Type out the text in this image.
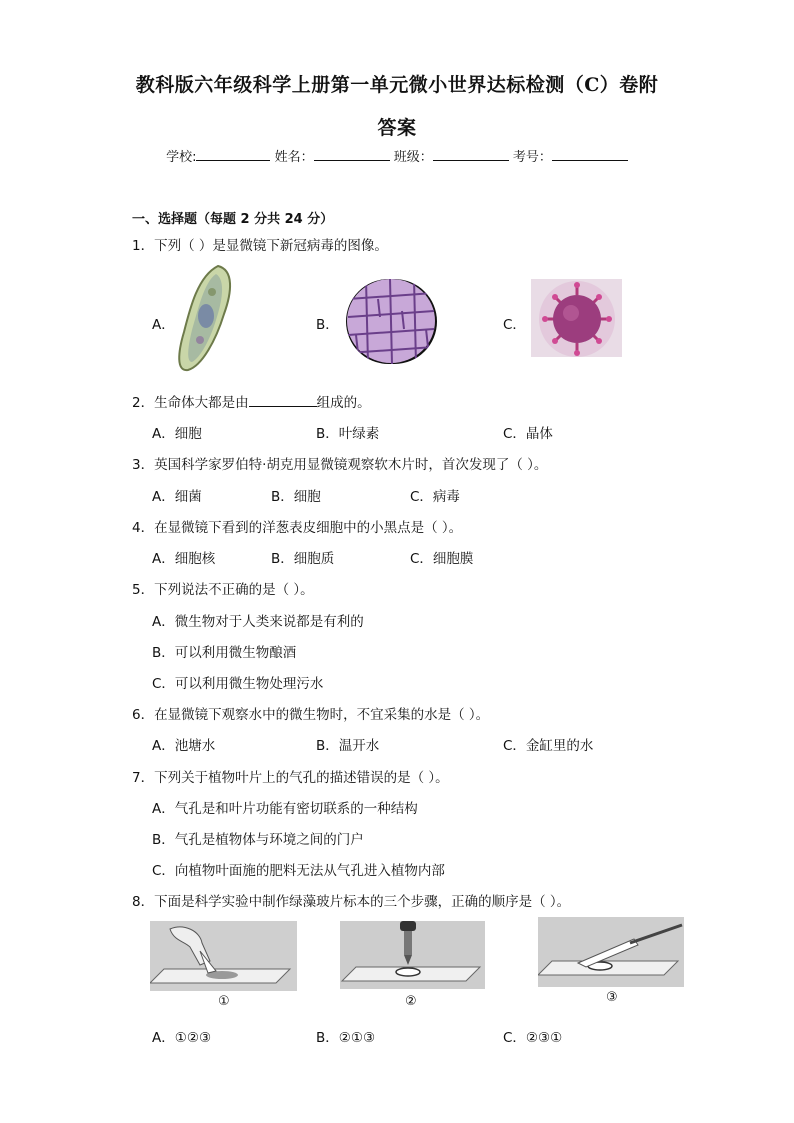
教科版六年级科学上册第一单元微小世界达标检测（C）卷附
答案
学校:	姓名：	班级：	考号：
一、选择题（每题 2 分共 24 分）
1．下列（ ）是显微镜下新冠病毒的图像。
A．	B．	C．
2．生命体大都是由	组成的。
A．细胞	B．叶绿素	C．晶体
3．英国科学家罗伯特·胡克用显微镜观察软木片时，首次发现了（ ）。
A．细菌	B．细胞	C．病毒
4．在显微镜下看到的洋葱表皮细胞中的小黑点是（ ）。
A．细胞核	B．细胞质	C．细胞膜
5．下列说法不正确的是（ ）。
A．微生物对于人类来说都是有利的
B．可以利用微生物酿酒
C．可以利用微生物处理污水
6．在显微镜下观察水中的微生物时，不宜采集的水是（ ）。
A．池塘水	B．温开水	C．金缸里的水
7．下列关于植物叶片上的气孔的描述错误的是（ ）。
A．气孔是和叶片功能有密切联系的一种结构
B．气孔是植物体与环境之间的门户
C．向植物叶面施的肥料无法从气孔进入植物内部
8．下面是科学实验中制作绿藻玻片标本的三个步骤，正确的顺序是（ ）。
①	②	③
A．①②③	B．②①③	C．②③①
